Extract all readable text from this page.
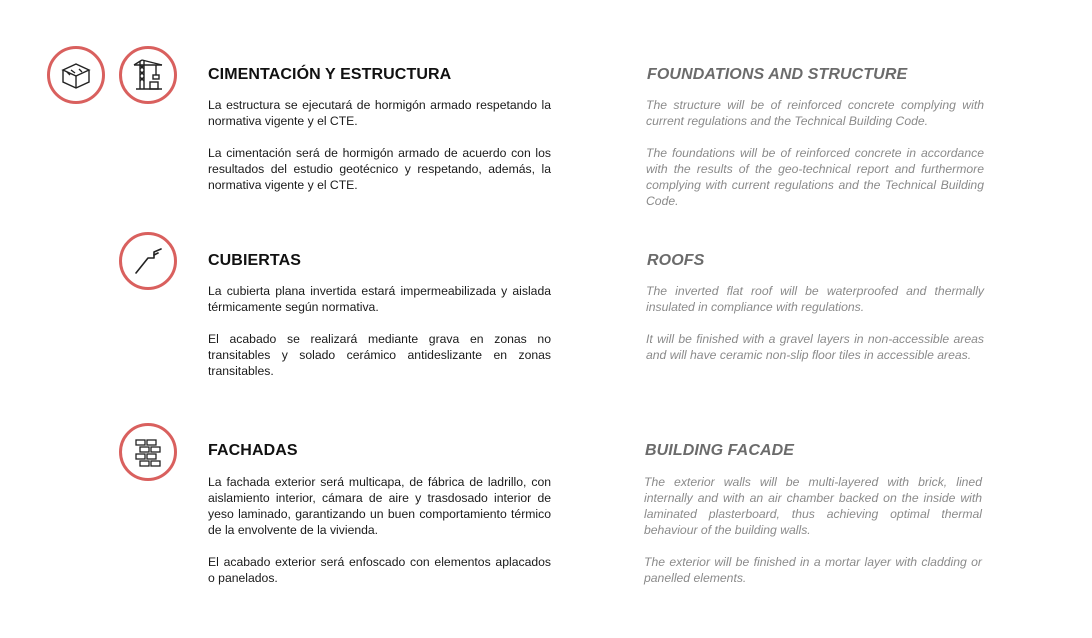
CIMENTACIÓN Y ESTRUCTURA

La estructura se ejecutará de hormigón armado respetando la normativa vigente y el CTE.

La cimentación será de hormigón armado de acuerdo con los resultados del estudio geotécnico y respetando, además, la normativa vigente y el CTE.

FOUNDATIONS AND STRUCTURE

The structure will be of reinforced concrete complying with current regulations and the Technical Building Code.

The foundations will be of reinforced concrete in accordance with the results of the geo-technical report and furthermore complying with current regulations and the Technical Building Code.

CUBIERTAS

La cubierta plana invertida estará impermeabilizada y aislada térmicamente según normativa.

El acabado se realizará mediante grava en zonas no transitables y solado cerámico antideslizante en zonas transitables.

ROOFS

The inverted flat roof will be waterproofed and thermally insulated in compliance with regulations.

It will be finished with a gravel layers in non-accessible areas and will have ceramic non-slip floor tiles in accessible areas.

FACHADAS

La fachada exterior será multicapa, de fábrica de ladrillo, con aislamiento interior, cámara de aire y trasdosado interior de yeso laminado, garantizando un buen comportamiento térmico de la envolvente de la vivienda.

El acabado exterior será enfoscado con elementos aplacados o panelados.

BUILDING FACADE

The exterior walls will be multi-layered with brick, lined internally and with an air chamber backed on the inside with laminated plasterboard, thus achieving optimal thermal behaviour of the building walls.

The exterior will be finished in a mortar layer with cladding or panelled elements.
